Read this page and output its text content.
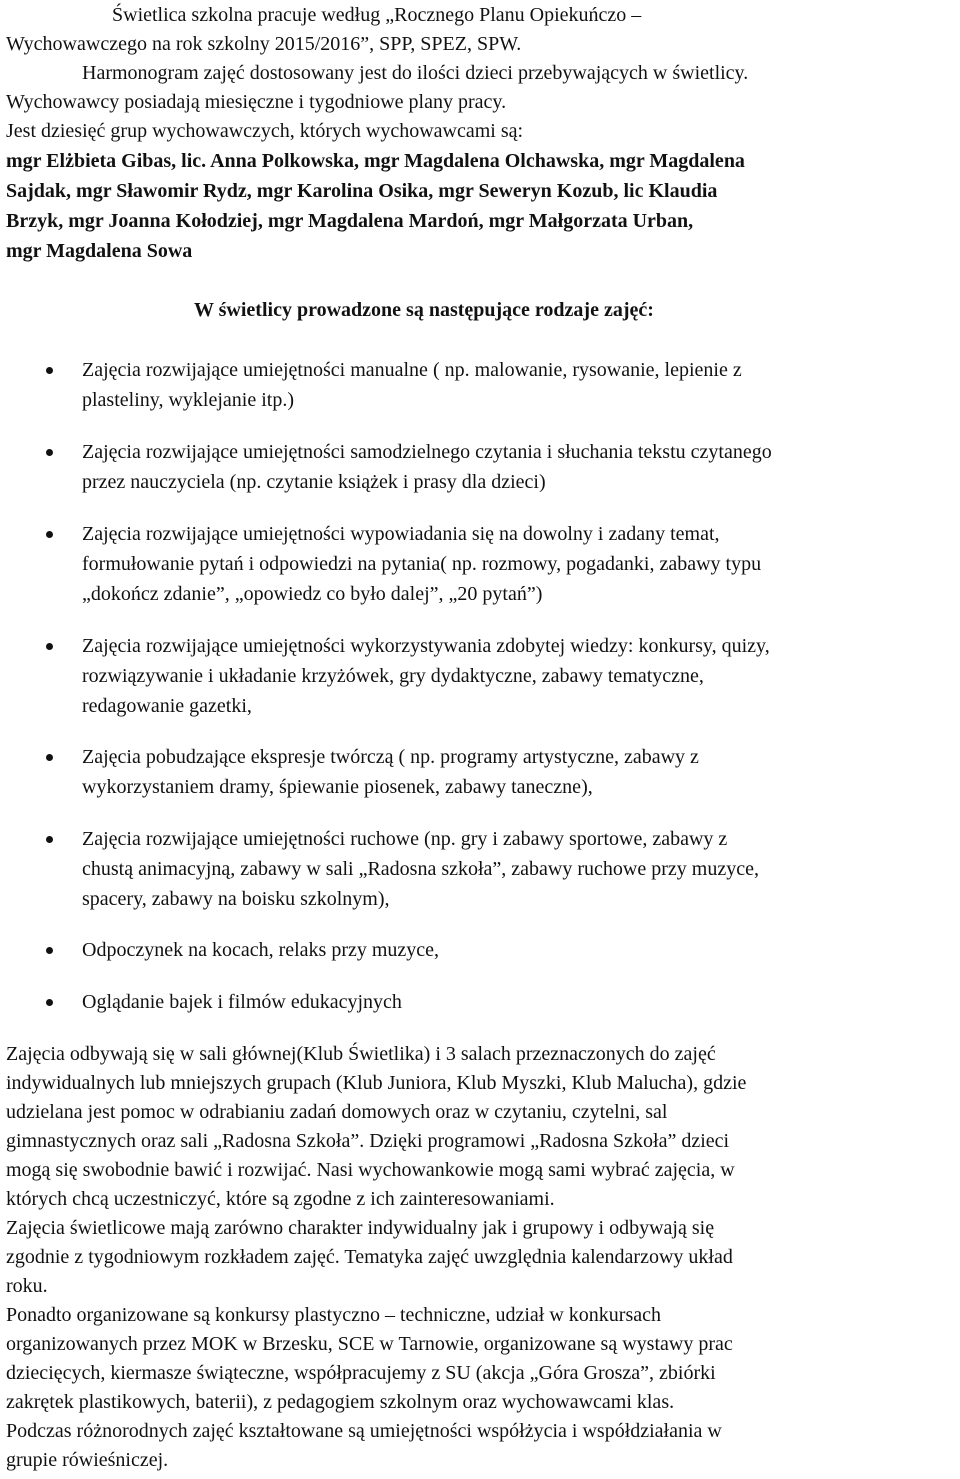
Świetlica szkolna pracuje według „Rocznego Planu Opiekuńczo –
Wychowawczego na rok szkolny 2015/2016”, SPP, SPEZ, SPW.
Harmonogram zajęć dostosowany jest do ilości dzieci przebywających w świetlicy.
Wychowawcy posiadają miesięczne i tygodniowe plany pracy.
Jest dziesięć grup wychowawczych, których wychowawcami są:
mgr Elżbieta Gibas, lic. Anna Polkowska, mgr Magdalena Olchawska, mgr Magdalena
Sajdak, mgr Sławomir Rydz, mgr Karolina Osika, mgr Seweryn Kozub, lic Klaudia
Brzyk, mgr Joanna Kołodziej, mgr Magdalena Mardoń, mgr Małgorzata Urban,
mgr Magdalena Sowa
W świetlicy prowadzone są następujące rodzaje zajęć:
Zajęcia rozwijające umiejętności manualne ( np. malowanie, rysowanie, lepienie z
plasteliny, wyklejanie itp.)
Zajęcia rozwijające umiejętności samodzielnego czytania i słuchania tekstu czytanego
przez nauczyciela (np. czytanie książek i prasy dla dzieci)
Zajęcia rozwijające umiejętności wypowiadania się na dowolny i zadany temat,
formułowanie pytań i odpowiedzi na pytania( np. rozmowy, pogadanki, zabawy typu
„dokończ zdanie”, „opowiedz co było dalej”, „20 pytań”)
Zajęcia rozwijające umiejętności wykorzystywania zdobytej wiedzy: konkursy, quizy,
rozwiązywanie i układanie krzyżówek, gry dydaktyczne, zabawy tematyczne,
redagowanie gazetki,
Zajęcia pobudzające ekspresje twórczą ( np. programy artystyczne, zabawy z
wykorzystaniem dramy, śpiewanie piosenek, zabawy taneczne),
Zajęcia rozwijające umiejętności ruchowe (np. gry i zabawy sportowe, zabawy z
chustą animacyjną, zabawy w sali „Radosna szkoła”, zabawy ruchowe przy muzyce,
spacery, zabawy na boisku szkolnym),
Odpoczynek na kocach, relaks przy muzyce,
Oglądanie bajek i filmów edukacyjnych
Zajęcia odbywają się w sali głównej(Klub Świetlika) i 3 salach przeznaczonych do zajęć
indywidualnych lub mniejszych grupach (Klub Juniora, Klub Myszki, Klub Malucha), gdzie
udzielana jest pomoc w odrabianiu zadań domowych oraz w czytaniu, czytelni, sal
gimnastycznych oraz sali „Radosna Szkoła”. Dzięki programowi „Radosna Szkoła” dzieci
mogą się swobodnie bawić i rozwijać. Nasi wychowankowie mogą sami wybrać zajęcia, w
których chcą uczestniczyć, które są zgodne z ich zainteresowaniami.
Zajęcia świetlicowe mają zarówno charakter indywidualny jak i grupowy i odbywają się
zgodnie z tygodniowym rozkładem zajęć. Tematyka zajęć uwzględnia kalendarzowy układ
roku.
Ponadto organizowane są konkursy plastyczno – techniczne, udział w konkursach
organizowanych przez MOK w Brzesku, SCE w Tarnowie, organizowane są wystawy prac
dziecięcych, kiermasze świąteczne, współpracujemy z SU (akcja „Góra Grosza”, zbiórki
zakrętek plastikowych, baterii), z pedagogiem szkolnym oraz wychowawcami klas.
Podczas różnorodnych zajęć kształtowane są umiejętności współżycia i współdziałania w
grupie rówieśniczej.
